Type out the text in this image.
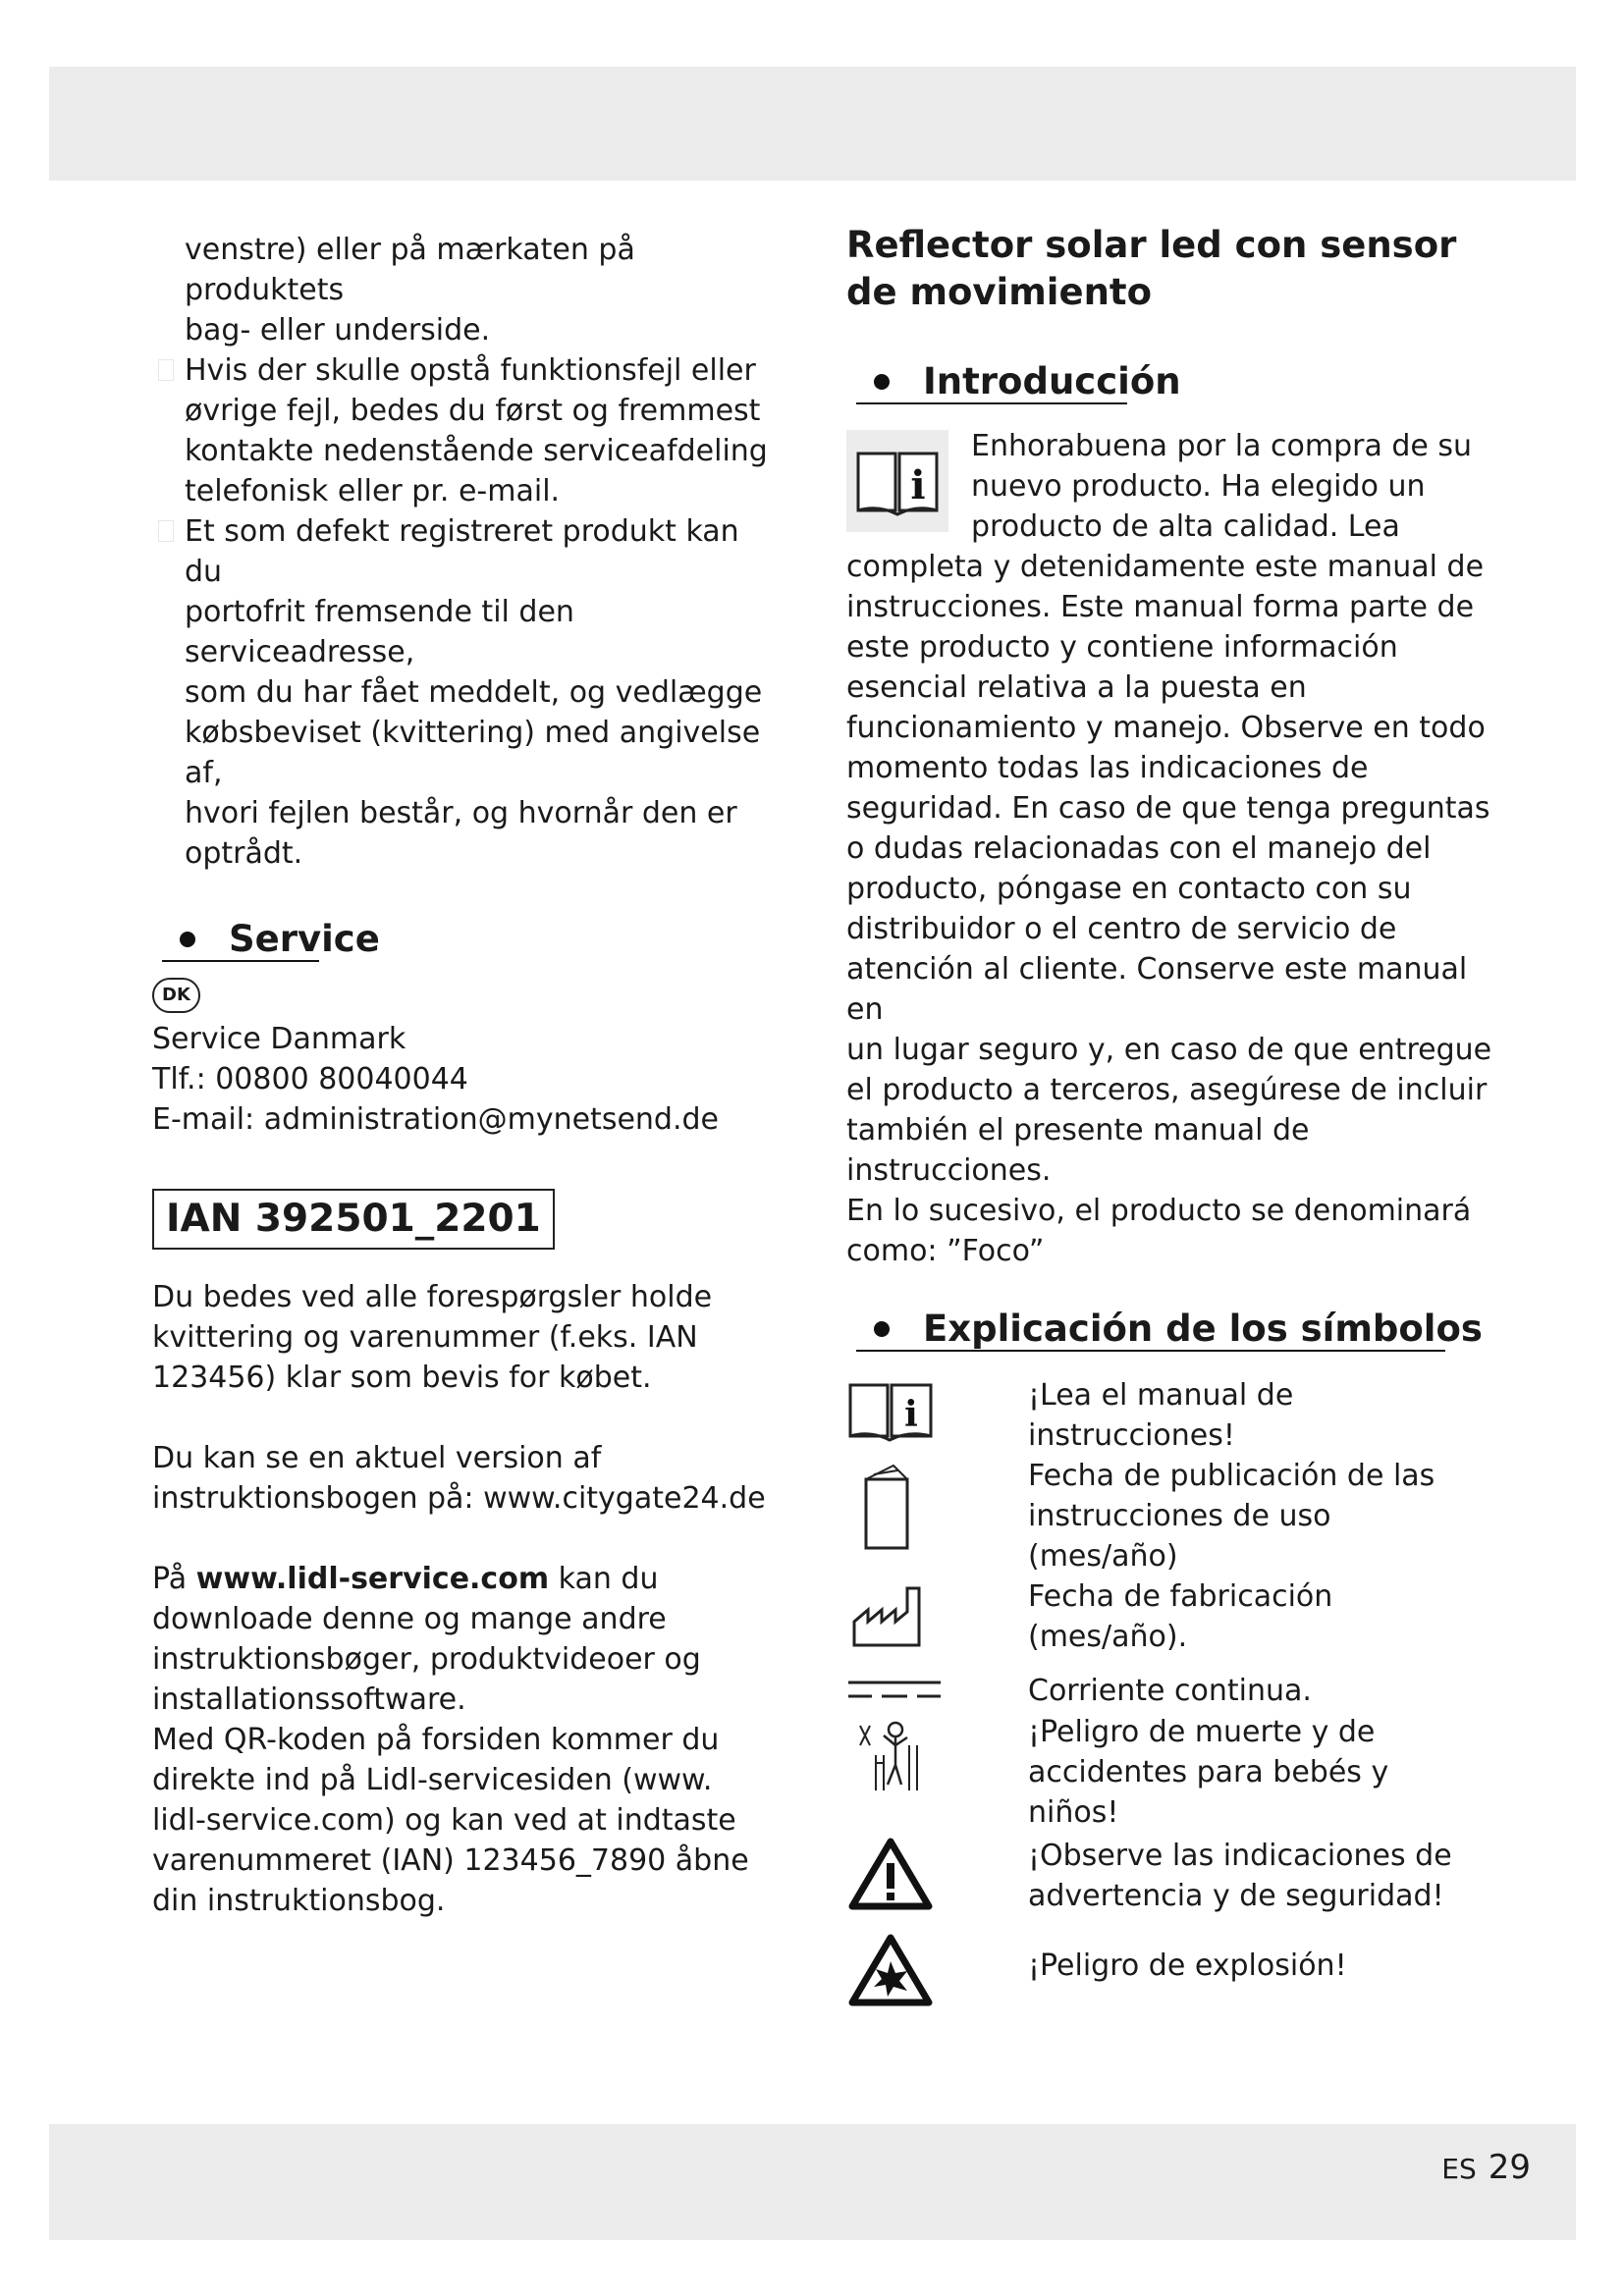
venstre) eller på mærkaten på produktets
bag- eller underside.
Hvis der skulle opstå funktionsfejl eller
øvrige fejl, bedes du først og fremmest
kontakte nedenstående serviceafdeling
telefonisk eller pr. e-mail.
Et som defekt registreret produkt kan du
portofrit fremsende til den serviceadresse,
som du har fået meddelt, og vedlægge
købsbeviset (kvittering) med angivelse af,
hvori fejlen består, og hvornår den er
optrådt.
Service
DK
Service Danmark
Tlf.: 00800 80040044
E-mail: administration@mynetsend.de
IAN 392501_2201
Du bedes ved alle forespørgsler holde
kvittering og varenummer (f.eks. IAN
123456) klar som bevis for købet.
Du kan se en aktuel version af
instruktionsbogen på: www.citygate24.de
På www.lidl-service.com kan du
downloade denne og mange andre
instruktionsbøger, produktvideoer og
installationssoftware.
Med QR-koden på forsiden kommer du
direkte ind på Lidl-servicesiden (www.
lidl-service.com) og kan ved at indtaste
varenummeret (IAN) 123456_7890 åbne
din instruktionsbog.
Reflector solar led con sensor
de movimiento
Introducción
i
Enhorabuena por la compra de su
nuevo producto. Ha elegido un
producto de alta calidad. Lea
completa y detenidamente este manual de
instrucciones. Este manual forma parte de
este producto y contiene información
esencial relativa a la puesta en
funcionamiento y manejo. Observe en todo
momento todas las indicaciones de
seguridad. En caso de que tenga preguntas
o dudas relacionadas con el manejo del
producto, póngase en contacto con su
distribuidor o el centro de servicio de
atención al cliente. Conserve este manual en
un lugar seguro y, en caso de que entregue
el producto a terceros, asegúrese de incluir
también el presente manual de instrucciones.
En lo sucesivo, el producto se denominará
como: ”Foco”
Explicación de los símbolos
i	¡Lea el manual de
instrucciones!
Fecha de publicación de las
instrucciones de uso
(mes/año)
Fecha de fabricación
(mes/año).
Corriente continua.
¡Peligro de muerte y de
accidentes para bebés y
niños!
¡Observe las indicaciones de
advertencia y de seguridad!
¡Peligro de explosión!
ES 29
